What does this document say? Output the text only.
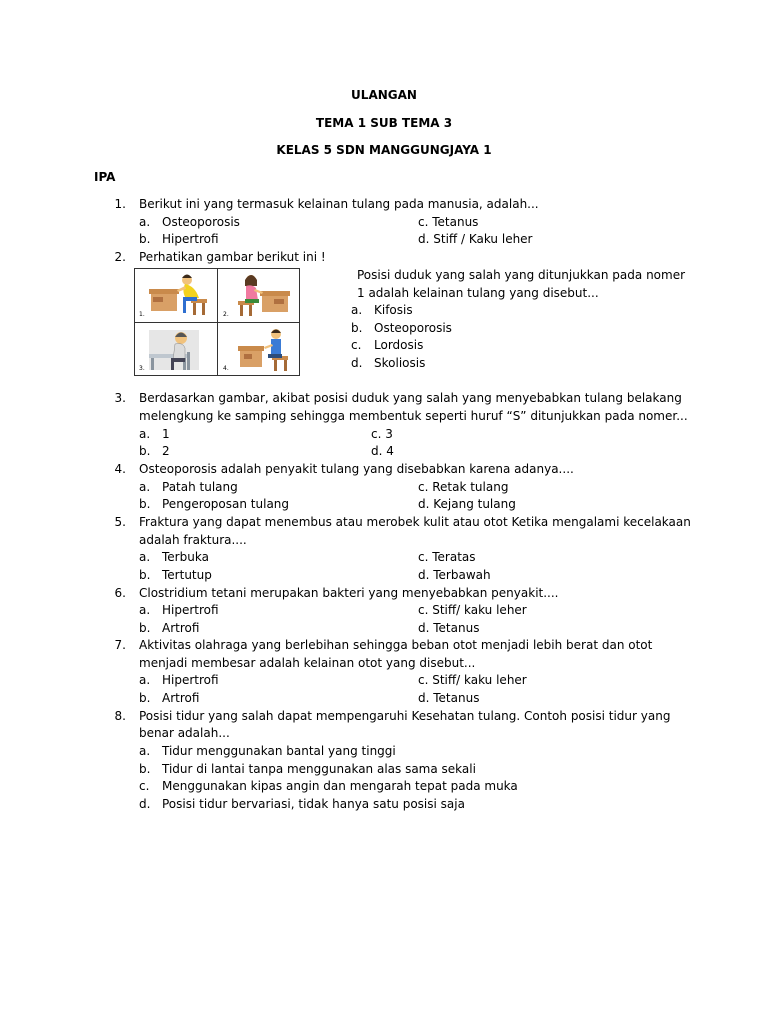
ULANGAN
TEMA 1 SUB TEMA 3
KELAS 5 SDN MANGGUNGJAYA 1
IPA
1. Berikut ini yang termasuk kelainan tulang pada manusia, adalah...
a. Osteoporosis
b. Hipertrofi
c. Tetanus
d. Stiff / Kaku leher
2. Perhatikan gambar berikut ini !
1.	2.
3.	4.
Posisi duduk yang salah yang ditunjukkan pada nomer
1 adalah kelainan tulang yang disebut...
a. Kifosis
b. Osteoporosis
c. Lordosis
d. Skoliosis
3. Berdasarkan gambar, akibat posisi duduk yang salah yang menyebabkan tulang belakang
melengkung ke samping sehingga membentuk seperti huruf “S” ditunjukkan pada nomer...
a. 1
b. 2
c. 3
d. 4
4. Osteoporosis adalah penyakit tulang yang disebabkan karena adanya....
a. Patah tulang
b. Pengeroposan tulang
c. Retak tulang
d. Kejang tulang
5. Fraktura yang dapat menembus atau merobek kulit atau otot Ketika mengalami kecelakaan
adalah fraktura....
a. Terbuka
b. Tertutup
c. Teratas
d. Terbawah
6. Clostridium tetani merupakan bakteri yang menyebabkan penyakit....
a. Hipertrofi
b. Artrofi
c. Stiff/ kaku leher
d. Tetanus
7. Aktivitas olahraga yang berlebihan sehingga beban otot menjadi lebih berat dan otot
menjadi membesar adalah kelainan otot yang disebut...
a. Hipertrofi
b. Artrofi
c. Stiff/ kaku leher
d. Tetanus
8. Posisi tidur yang salah dapat mempengaruhi Kesehatan tulang. Contoh posisi tidur yang
benar adalah...
a. Tidur menggunakan bantal yang tinggi
b. Tidur di lantai tanpa menggunakan alas sama sekali
c. Menggunakan kipas angin dan mengarah tepat pada muka
d. Posisi tidur bervariasi, tidak hanya satu posisi saja
